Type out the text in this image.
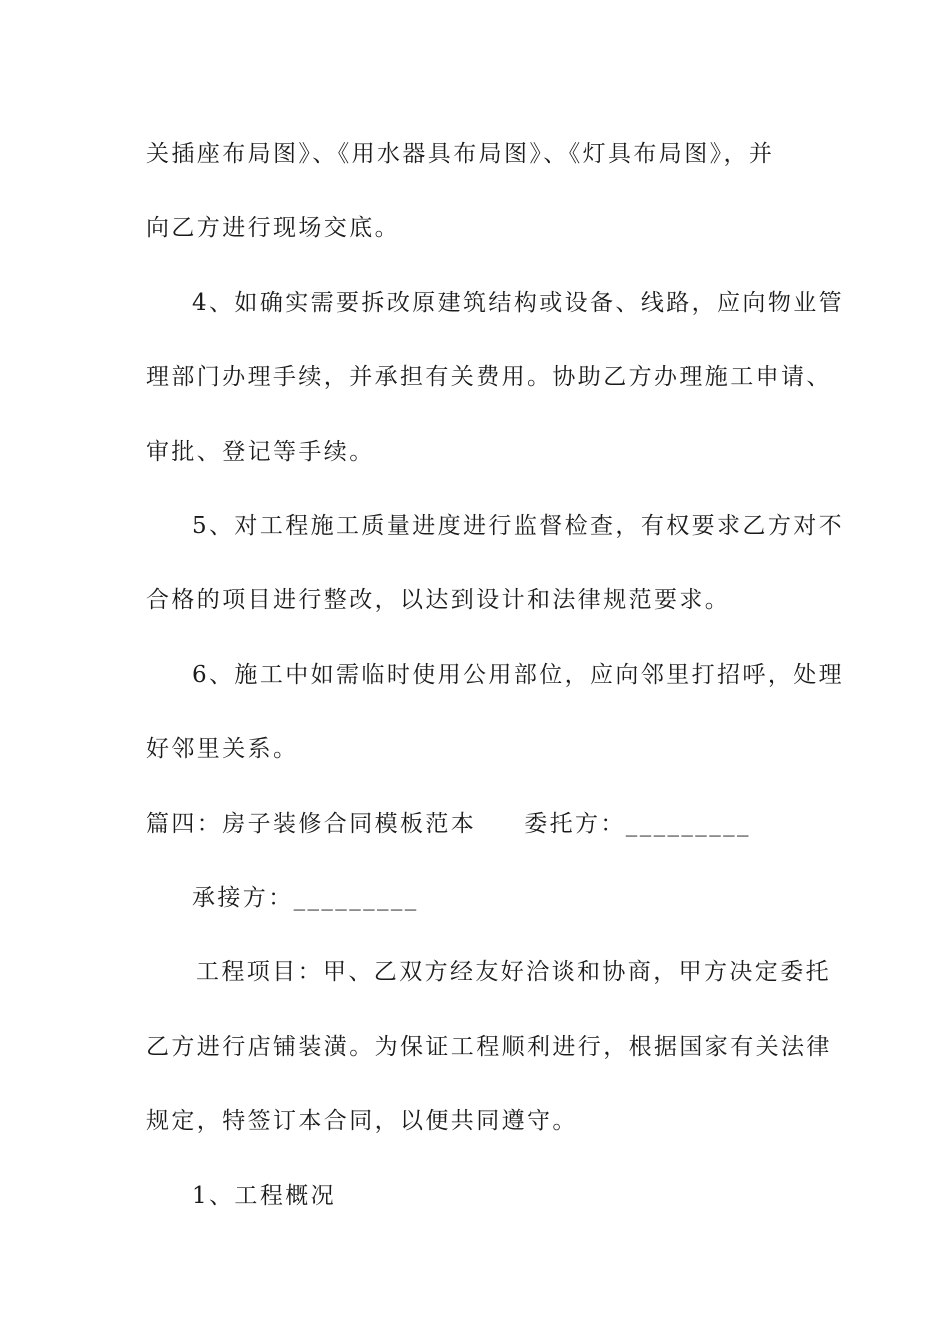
关插座布局图》、《用水器具布局图》、《灯具布局图》，并
向乙方进行现场交底。
4、如确实需要拆改原建筑结构或设备、线路，应向物业管
理部门办理手续，并承担有关费用。协助乙方办理施工申请、
审批、登记等手续。
5、对工程施工质量进度进行监督检查，有权要求乙方对不
合格的项目进行整改，以达到设计和法律规范要求。
6、施工中如需临时使用公用部位，应向邻里打招呼，处理
好邻里关系。
篇四：房子装修合同模板范本 委托方：_________
承接方：_________
工程项目：甲、乙双方经友好洽谈和协商，甲方决定委托
乙方进行店铺装潢。为保证工程顺利进行，根据国家有关法律
规定，特签订本合同，以便共同遵守。
1、工程概况
